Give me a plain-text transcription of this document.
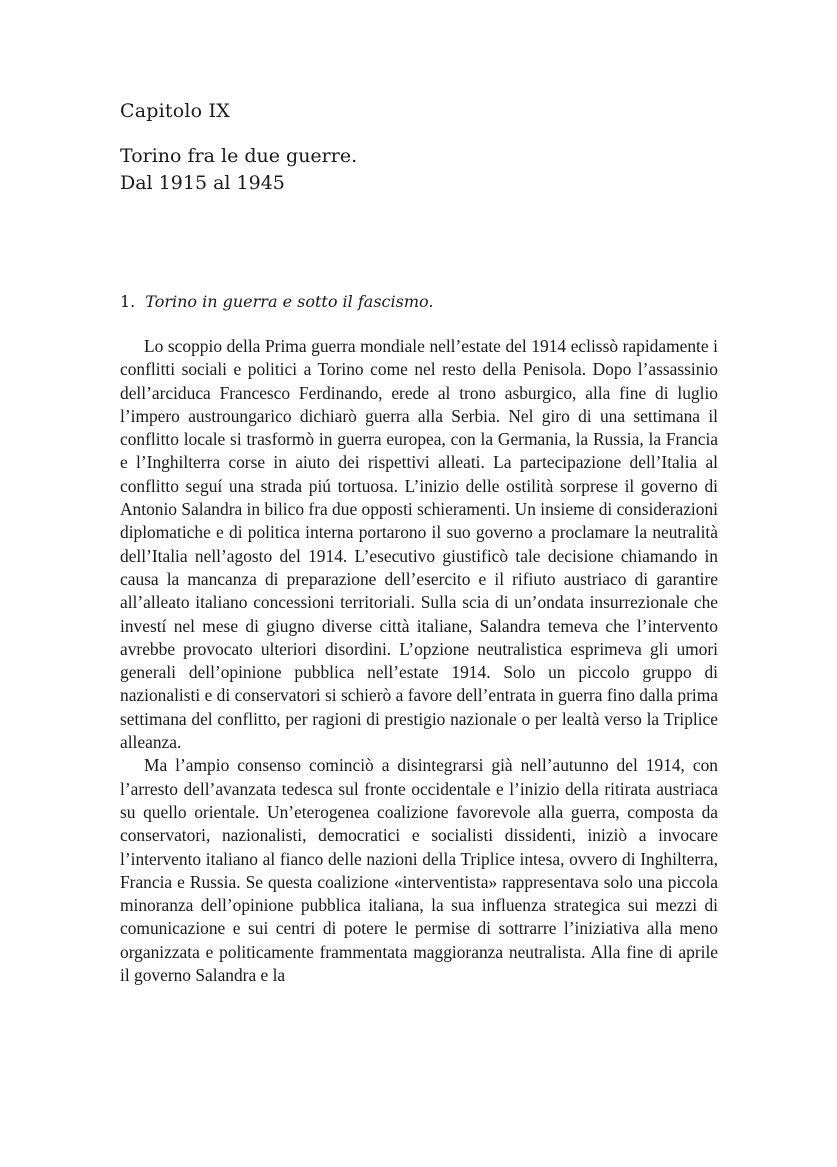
Capitolo IX
Torino fra le due guerre.
Dal 1915 al 1945
1. Torino in guerra e sotto il fascismo.

Lo scoppio della Prima guerra mondiale nell’estate del 1914 eclissò rapidamente i conflitti sociali e politici a Torino come nel resto della Penisola. Dopo l’assassinio dell’arciduca Francesco Ferdinando, erede al trono asburgico, alla fine di luglio l’impero austroungarico dichiarò guerra alla Serbia. Nel giro di una settimana il conflitto locale si trasformò in guerra europea, con la Germania, la Russia, la Francia e l’Inghilterra corse in aiuto dei rispettivi alleati. La partecipazione dell’Italia al conflitto seguí una strada piú tortuosa. L’inizio delle ostilità sorprese il governo di Antonio Salandra in bilico fra due opposti schieramenti. Un insieme di considerazioni diplomatiche e di politica interna portarono il suo governo a proclamare la neutralità dell’Italia nell’agosto del 1914. L’esecutivo giustificò tale decisione chiamando in causa la mancanza di preparazione dell’esercito e il rifiuto austriaco di garantire all’alleato italiano concessioni territoriali. Sulla scia di un’ondata insurrezionale che investí nel mese di giugno diverse città italiane, Salandra temeva che l’intervento avrebbe provocato ulteriori disordini. L’opzione neutralistica esprimeva gli umori generali dell’opinione pubblica nell’estate 1914. Solo un piccolo gruppo di nazionalisti e di conservatori si schierò a favore dell’entrata in guerra fino dalla prima settimana del conflitto, per ragioni di prestigio nazionale o per lealtà verso la Triplice alleanza.

Ma l’ampio consenso cominciò a disintegrarsi già nell’autunno del 1914, con l’arresto dell’avanzata tedesca sul fronte occidentale e l’inizio della ritirata austriaca su quello orientale. Un’eterogenea coalizione favorevole alla guerra, composta da conservatori, nazionalisti, democratici e socialisti dissidenti, iniziò a invocare l’intervento italiano al fianco delle nazioni della Triplice intesa, ovvero di Inghilterra, Francia e Russia. Se questa coalizione «interventista» rappresentava solo una piccola minoranza dell’opinione pubblica italiana, la sua influenza strategica sui mezzi di comunicazione e sui centri di potere le permise di sottrarre l’iniziativa alla meno organizzata e politicamente frammentata maggioranza neutralista. Alla fine di aprile il governo Salandra e la
